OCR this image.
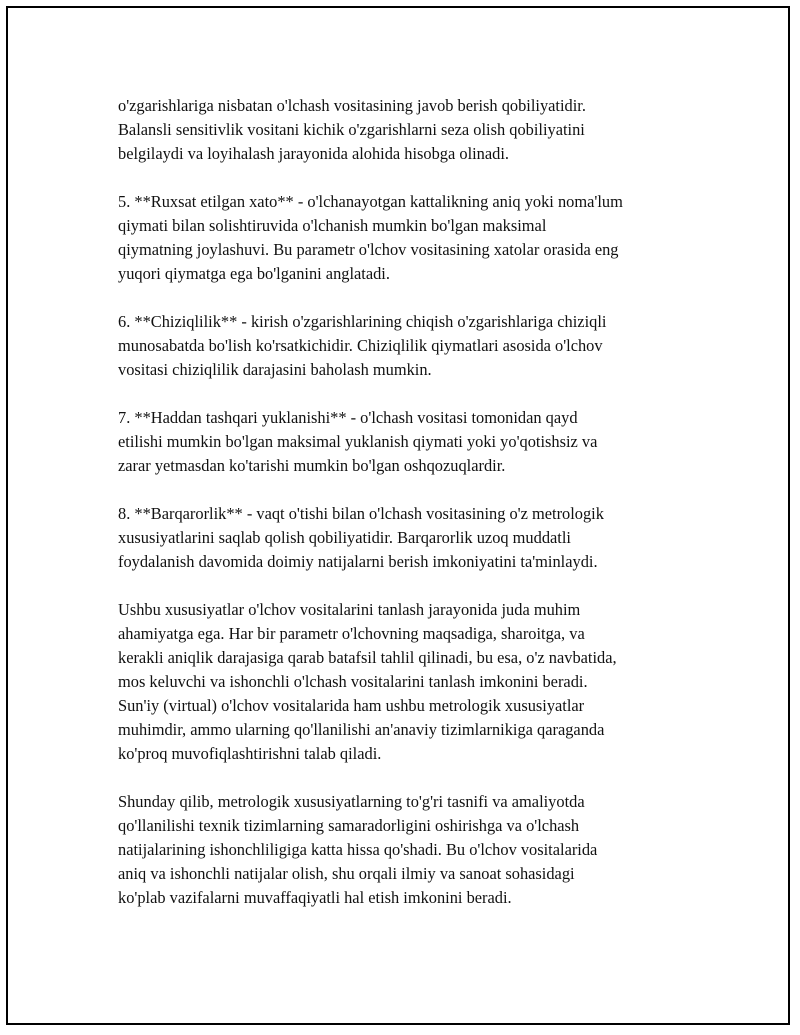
o'zgarishlariga nisbatan o'lchash vositasining javob berish qobiliyatidir.
Balansli sensitivlik vositani kichik o'zgarishlarni seza olish qobiliyatini
belgilaydi va loyihalash jarayonida alohida hisobga olinadi.
5. **Ruxsat etilgan xato** - o'lchanayotgan kattalikning aniq yoki noma'lum
qiymati bilan solishtiruvida o'lchanish mumkin bo'lgan maksimal
qiymatning joylashuvi. Bu parametr o'lchov vositasining xatolar orasida eng
yuqori qiymatga ega bo'lganini anglatadi.
6. **Chiziqlilik** - kirish o'zgarishlarining chiqish o'zgarishlariga chiziqli
munosabatda bo'lish ko'rsatkichidir. Chiziqlilik qiymatlari asosida o'lchov
vositasi chiziqlilik darajasini baholash mumkin.
7. **Haddan tashqari yuklanishi** - o'lchash vositasi tomonidan qayd
etilishi mumkin bo'lgan maksimal yuklanish qiymati yoki yo'qotishsiz va
zarar yetmasdan ko'tarishi mumkin bo'lgan oshqozuqlardir.
8. **Barqarorlik** - vaqt o'tishi bilan o'lchash vositasining o'z metrologik
xususiyatlarini saqlab qolish qobiliyatidir. Barqarorlik uzoq muddatli
foydalanish davomida doimiy natijalarni berish imkoniyatini ta'minlaydi.
Ushbu xususiyatlar o'lchov vositalarini tanlash jarayonida juda muhim
ahamiyatga ega. Har bir parametr o'lchovning maqsadiga, sharoitga, va
kerakli aniqlik darajasiga qarab batafsil tahlil qilinadi, bu esa, o'z navbatida,
mos keluvchi va ishonchli o'lchash vositalarini tanlash imkonini beradi.
Sun'iy (virtual) o'lchov vositalarida ham ushbu metrologik xususiyatlar
muhimdir, ammo ularning qo'llanilishi an'anaviy tizimlarnikiga qaraganda
ko'proq muvofiqlashtirishni talab qiladi.
Shunday qilib, metrologik xususiyatlarning to'g'ri tasnifi va amaliyotda
qo'llanilishi texnik tizimlarning samaradorligini oshirishga va o'lchash
natijalarining ishonchliligiga katta hissa qo'shadi. Bu o'lchov vositalarida
aniq va ishonchli natijalar olish, shu orqali ilmiy va sanoat sohasidagi
ko'plab vazifalarni muvaffaqiyatli hal etish imkonini beradi.
